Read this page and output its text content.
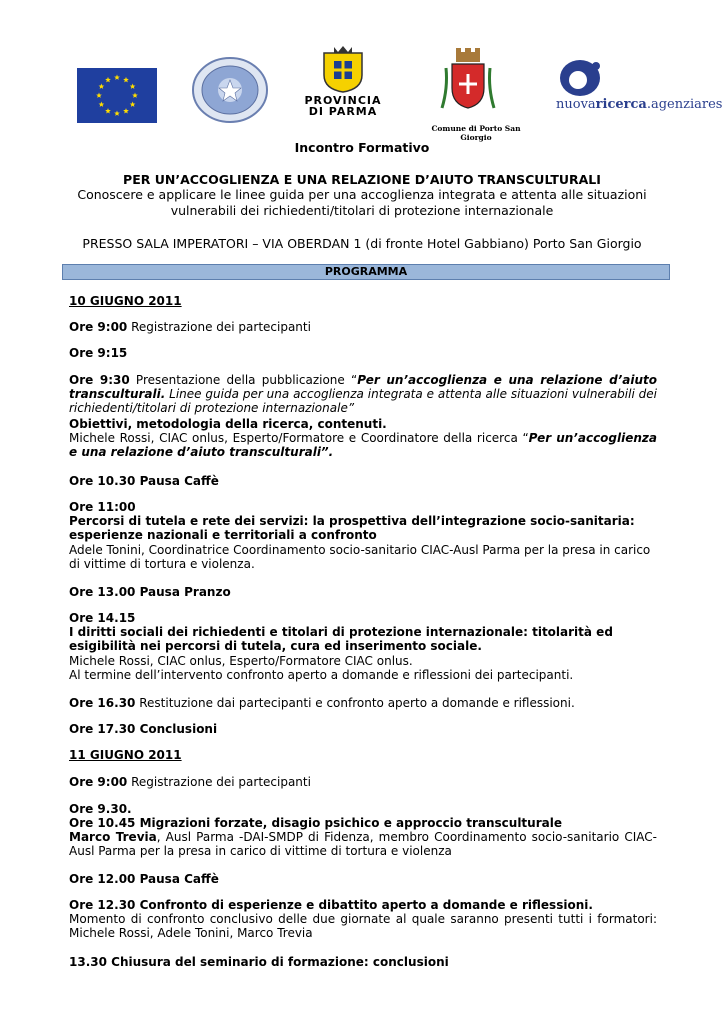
PROVINCIA
DI PARMA
Comune di Porto San Giorgio
nuovaricerca.agenziares
Incontro Formativo
PER UN’ACCOGLIENZA E UNA RELAZIONE D’AIUTO TRANSCULTURALI
Conoscere e applicare le linee guida per una accoglienza integrata e attenta alle situazioni
vulnerabili dei richiedenti/titolari di protezione internazionale
PRESSO SALA IMPERATORI – VIA OBERDAN 1 (di fronte Hotel Gabbiano) Porto San Giorgio
PROGRAMMA
10 GIUGNO 2011
Ore 9:00 Registrazione dei partecipanti
Ore 9:15
Ore 9:30 Presentazione della pubblicazione “Per un’accoglienza e una relazione d’aiuto transculturali. Linee guida per una accoglienza integrata e attenta alle situazioni vulnerabili dei richiedenti/titolari di protezione internazionale”
Obiettivi, metodologia della ricerca, contenuti.
Michele Rossi, CIAC onlus, Esperto/Formatore e Coordinatore della ricerca “Per un’accoglienza e una relazione d’aiuto transculturali”.
Ore 10.30 Pausa Caffè
Ore 11:00
Percorsi di tutela e rete dei servizi: la prospettiva dell’integrazione socio-sanitaria: esperienze nazionali e territoriali a confronto
Adele Tonini, Coordinatrice Coordinamento socio-sanitario CIAC-Ausl Parma per la presa in carico di vittime di tortura e violenza.
Ore 13.00 Pausa Pranzo
Ore 14.15
I diritti sociali dei richiedenti e titolari di protezione internazionale: titolarità ed esigibilità nei percorsi di tutela, cura ed inserimento sociale.
Michele Rossi, CIAC onlus, Esperto/Formatore CIAC onlus.
Al termine dell’intervento confronto aperto a domande e riflessioni dei partecipanti.
Ore 16.30 Restituzione dai partecipanti e confronto aperto a domande e riflessioni.
Ore 17.30 Conclusioni
11 GIUGNO 2011
Ore 9:00 Registrazione dei partecipanti
Ore 9.30.
Ore 10.45 Migrazioni forzate, disagio psichico e approccio transculturale
Marco Trevia, Ausl Parma -DAI-SMDP di Fidenza, membro Coordinamento socio-sanitario CIAC-Ausl Parma per la presa in carico di vittime di tortura e violenza
Ore 12.00 Pausa Caffè
Ore 12.30 Confronto di esperienze e dibattito aperto a domande e riflessioni.
Momento di confronto conclusivo delle due giornate al quale saranno presenti tutti i formatori: Michele Rossi, Adele Tonini, Marco Trevia
13.30 Chiusura del seminario di formazione: conclusioni
